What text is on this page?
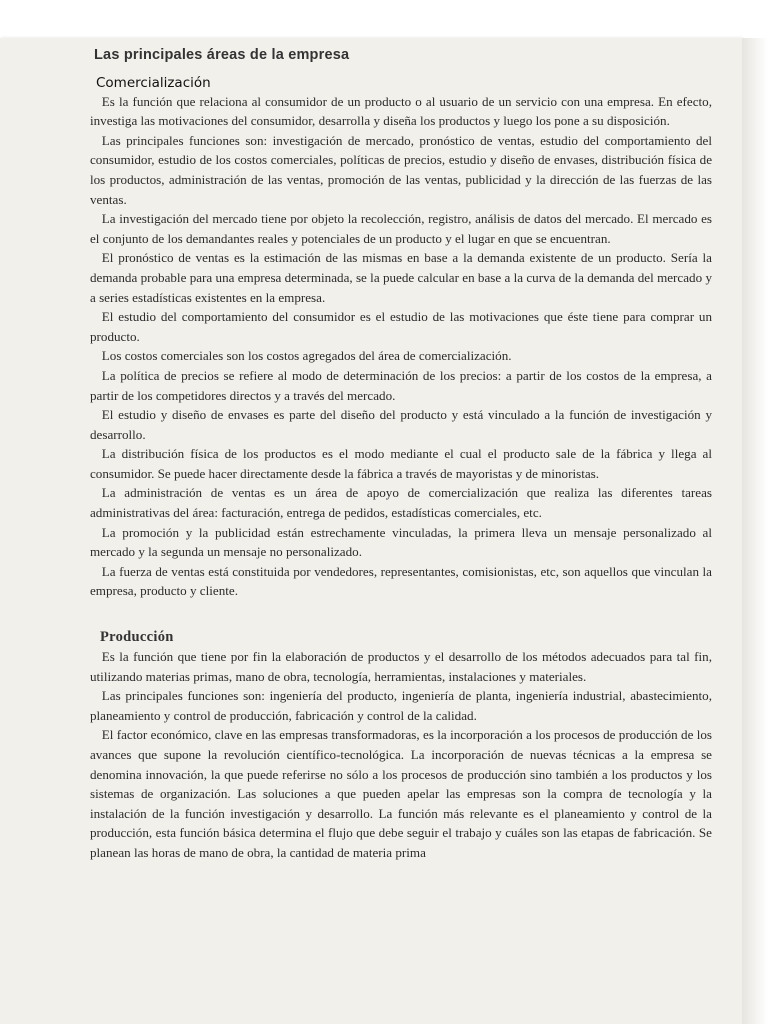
Las principales áreas de la empresa
Comercialización

Es la función que relaciona al consumidor de un producto o al usuario de un servicio con una empresa. En efecto, investiga las motivaciones del consumidor, desarrolla y diseña los productos y luego los pone a su disposición.

Las principales funciones son: investigación de mercado, pronóstico de ventas, estudio del comportamiento del consumidor, estudio de los costos comerciales, políticas de precios, estudio y diseño de envases, distribución física de los productos, administración de las ventas, promoción de las ventas, publicidad y la dirección de las fuerzas de las ventas.

La investigación del mercado tiene por objeto la recolección, registro, análisis de datos del mercado. El mercado es el conjunto de los demandantes reales y potenciales de un producto y el lugar en que se encuentran.

El pronóstico de ventas es la estimación de las mismas en base a la demanda existente de un producto. Sería la demanda probable para una empresa determinada, se la puede calcular en base a la curva de la demanda del mercado y a series estadísticas existentes en la empresa.

El estudio del comportamiento del consumidor es el estudio de las motivaciones que éste tiene para comprar un producto.

Los costos comerciales son los costos agregados del área de comercialización.

La política de precios se refiere al modo de determinación de los precios: a partir de los costos de la empresa, a partir de los competidores directos y a través del mercado.

El estudio y diseño de envases es parte del diseño del producto y está vinculado a la función de investigación y desarrollo.

La distribución física de los productos es el modo mediante el cual el producto sale de la fábrica y llega al consumidor. Se puede hacer directamente desde la fábrica a través de mayoristas y de minoristas.

La administración de ventas es un área de apoyo de comercialización que realiza las diferentes tareas administrativas del área: facturación, entrega de pedidos, estadísticas comerciales, etc.

La promoción y la publicidad están estrechamente vinculadas, la primera lleva un mensaje personalizado al mercado y la segunda un mensaje no personalizado.

La fuerza de ventas está constituida por vendedores, representantes, comisionistas, etc, son aquellos que vinculan la empresa, producto y cliente.

Producción

Es la función que tiene por fin la elaboración de productos y el desarrollo de los métodos adecuados para tal fin, utilizando materias primas, mano de obra, tecnología, herramientas, instalaciones y materiales.

Las principales funciones son: ingeniería del producto, ingeniería de planta, ingeniería industrial, abastecimiento, planeamiento y control de producción, fabricación y control de la calidad.

El factor económico, clave en las empresas transformadoras, es la incorporación a los procesos de producción de los avances que supone la revolución científico-tecnológica. La incorporación de nuevas técnicas a la empresa se denomina innovación, la que puede referirse no sólo a los procesos de producción sino también a los productos y los sistemas de organización. Las soluciones a que pueden apelar las empresas son la compra de tecnología y la instalación de la función investigación y desarrollo. La función más relevante es el planeamiento y control de la producción, esta función básica determina el flujo que debe seguir el trabajo y cuáles son las etapas de fabricación. Se planean las horas de mano de obra, la cantidad de materia prima
